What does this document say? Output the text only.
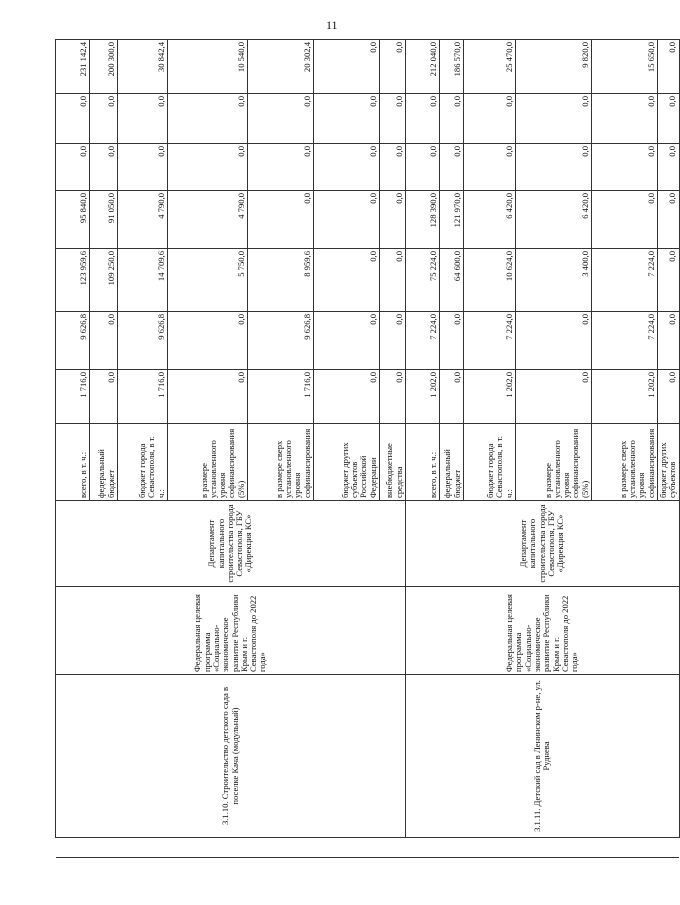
11
	3.1.10. Строительство детского сада в поселке Кача (модульный)	Федеральная целевая программа «Социально-экономическое развитие Республики Крым и г. Севастополя до 2022 года»	Департамент капитального строительства города Севастополя, ГБУ «Дирекция КС»	всего, в т. ч.:	1 716,0	9 626,8	123 959,6	95 840,0	0,0	0,0	231 142,4
				федеральный бюджет	0,0	0,0	109 250,0	91 050,0	0,0	0,0	200 300,0
				бюджет города Севастополя, в т. ч.:	1 716,0	9 626,8	14 709,6	4 790,0	0,0	0,0	30 842,4
				в размере установленного уровня софинансирования (5%)	0,0	0,0	5 750,0	4 790,0	0,0	0,0	10 540,0
				в размере сверх установленного уровня софинансирования	1 716,0	9 626,8	8 959,6	0,0	0,0	0,0	20 302,4
				бюджет других субъектов Российской Федерации	0,0	0,0	0,0	0,0	0,0	0,0	0,0
				внебюджетные средства	0,0	0,0	0,0	0,0	0,0	0,0	0,0
	3.1.11. Детский сад в Ленинском р-не, ул. Руднева	Федеральная целевая программа «Социально-экономическое развитие Республики Крым и г. Севастополя до 2022 года»	Департамент капитального строительства города Севастополя, ГБУ «Дирекция КС»	всего, в т. ч.:	1 202,0	7 224,0	75 224,0	128 390,0	0,0	0,0	212 040,0
				федеральный бюджет	0,0	0,0	64 600,0	121 970,0	0,0	0,0	186 570,0
				бюджет города Севастополя, в т. ч.:	1 202,0	7 224,0	10 624,0	6 420,0	0,0	0,0	25 470,0
				в размере установленного уровня софинансирования (5%)	0,0	0,0	3 400,0	6 420,0	0,0	0,0	9 820,0
				в размере сверх установленного уровня софинансирования	1 202,0	7 224,0	7 224,0	0,0	0,0	0,0	15 650,0
				бюджет других субъектов	0,0	0,0	0,0	0,0	0,0	0,0	0,0
